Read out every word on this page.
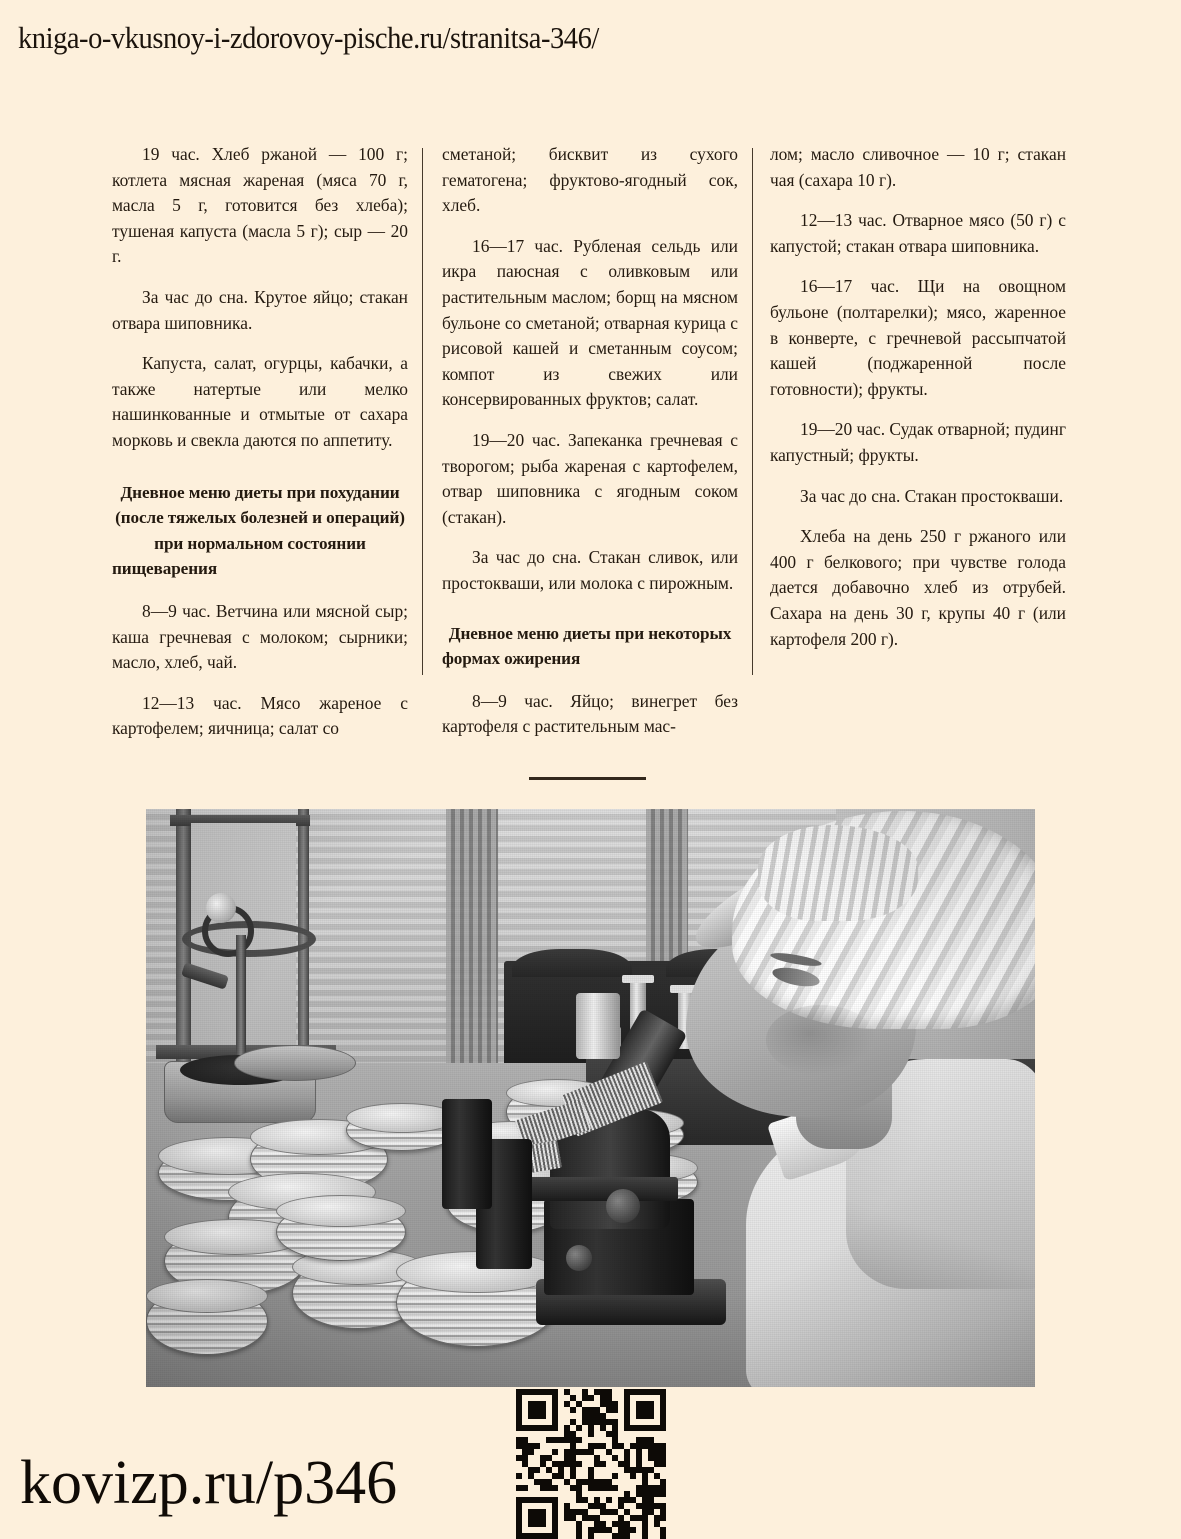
kniga-o-vkusnoy-i-zdorovoy-pische.ru/stranitsa-346/

19 час. Хлеб ржаной — 100 г; котлета мясная жареная (мяса 70 г, масла 5 г, готовится без хлеба); тушеная капуста (масла 5 г); сыр — 20 г.

За час до сна. Крутое яйцо; стакан отвара шиповника.

Капуста, салат, огурцы, кабачки, а также натертые или мелко нашинкованные и отмытые от сахара морковь и свекла даются по аппетиту.

Дневное меню диеты при похудании (после тяжелых болезней и операций) при нормальном состоянии пищеварения

8—9 час. Ветчина или мясной сыр; каша гречневая с молоком; сырники; масло, хлеб, чай.

12—13 час. Мясо жареное с картофелем; яичница; салат со

сметаной; бисквит из сухого гематогена; фруктово-ягодный сок, хлеб.

16—17 час. Рубленая сельдь или икра паюсная с оливковым или растительным маслом; борщ на мясном бульоне со сметаной; отварная курица с рисовой кашей и сметанным соусом; компот из свежих или консервированных фруктов; салат.

19—20 час. Запеканка гречневая с творогом; рыба жареная с картофелем, отвар шиповника с ягодным соком (стакан).

За час до сна. Стакан сливок, или простокваши, или молока с пирожным.

Дневное меню диеты при некоторых формах ожирения

8—9 час. Яйцо; винегрет без картофеля с растительным мас-

лом; масло сливочное — 10 г; стакан чая (сахара 10 г).

12—13 час. Отварное мясо (50 г) с капустой; стакан отвара шиповника.

16—17 час. Щи на овощном бульоне (полтарелки); мясо, жаренное в конверте, с гречневой рассыпчатой кашей (поджаренной после готовности); фрукты.

19—20 час. Судак отварной; пудинг капустный; фрукты.

За час до сна. Стакан простокваши.

Хлеба на день 250 г ржаного или 400 г белкового; при чувстве голода дается добавочно хлеб из отрубей. Сахара на день 30 г, крупы 40 г (или картофеля 200 г).

kovizp.ru/p346
